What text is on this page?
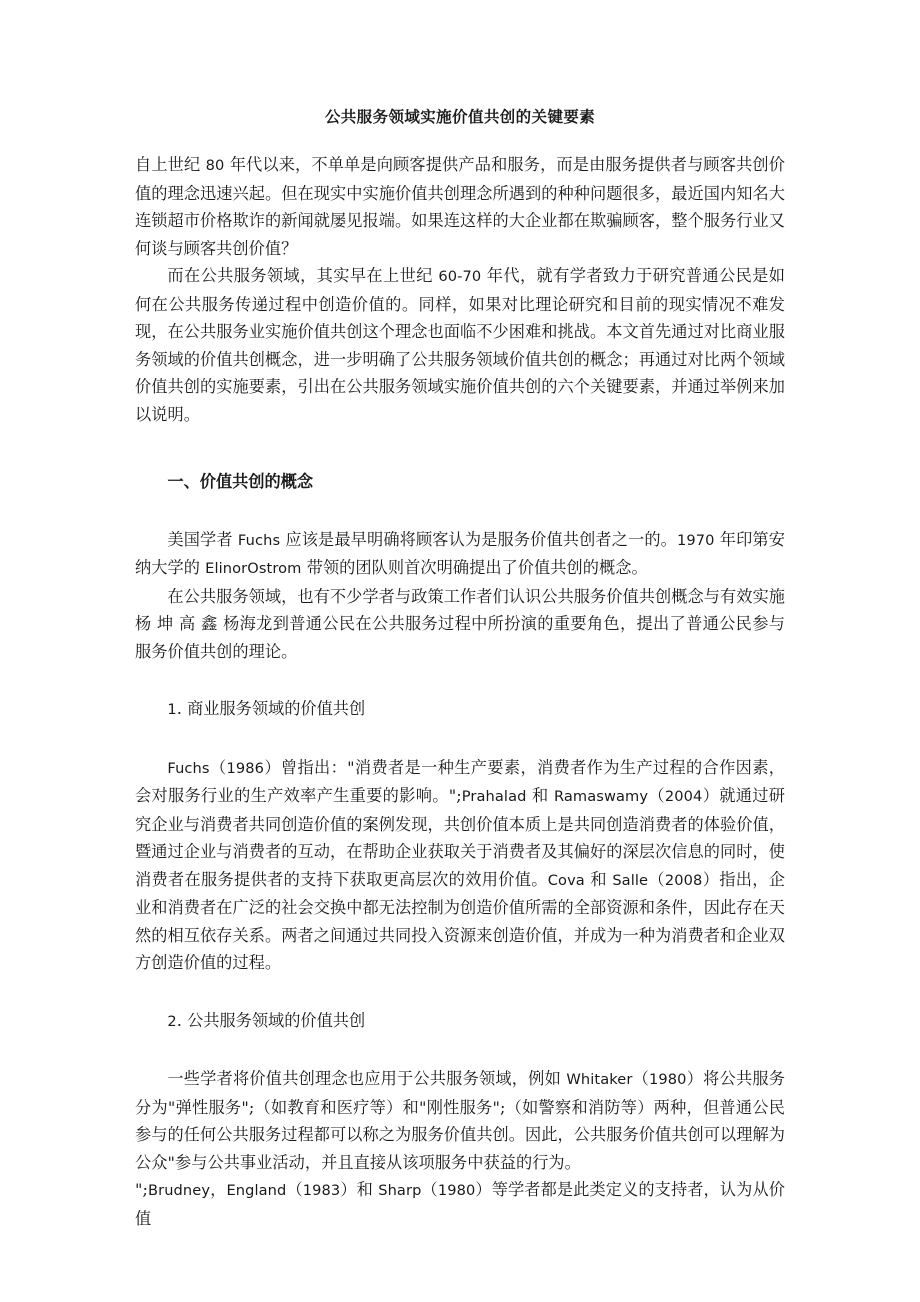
公共服务领域实施价值共创的关键要素

自上世纪 80 年代以来，不单单是向顾客提供产品和服务，而是由服务提供者与顾客共创价值的理念迅速兴起。但在现实中实施价值共创理念所遇到的种种问题很多，最近国内知名大连锁超市价格欺诈的新闻就屡见报端。如果连这样的大企业都在欺骗顾客，整个服务行业又何谈与顾客共创价值？

而在公共服务领域，其实早在上世纪 60-70 年代，就有学者致力于研究普通公民是如何在公共服务传递过程中创造价值的。同样，如果对比理论研究和目前的现实情况不难发现，在公共服务业实施价值共创这个理念也面临不少困难和挑战。本文首先通过对比商业服务领域的价值共创概念，进一步明确了公共服务领域价值共创的概念；再通过对比两个领域价值共创的实施要素，引出在公共服务领域实施价值共创的六个关键要素，并通过举例来加以说明。

一、价值共创的概念

美国学者 Fuchs 应该是最早明确将顾客认为是服务价值共创者之一的。1970 年印第安纳大学的 ElinorOstrom 带领的团队则首次明确提出了价值共创的概念。

在公共服务领域，也有不少学者与政策工作者们认识公共服务价值共创概念与有效实施杨 坤 高 鑫 杨海龙到普通公民在公共服务过程中所扮演的重要角色，提出了普通公民参与服务价值共创的理论。

1. 商业服务领域的价值共创

Fuchs（1986）曾指出："消费者是一种生产要素，消费者作为生产过程的合作因素，会对服务行业的生产效率产生重要的影响。";Prahalad 和 Ramaswamy（2004）就通过研究企业与消费者共同创造价值的案例发现，共创价值本质上是共同创造消费者的体验价值，暨通过企业与消费者的互动，在帮助企业获取关于消费者及其偏好的深层次信息的同时，使消费者在服务提供者的支持下获取更高层次的效用价值。Cova 和 Salle（2008）指出，企业和消费者在广泛的社会交换中都无法控制为创造价值所需的全部资源和条件，因此存在天然的相互依存关系。两者之间通过共同投入资源来创造价值，并成为一种为消费者和企业双方创造价值的过程。

2. 公共服务领域的价值共创

一些学者将价值共创理念也应用于公共服务领域，例如 Whitaker（1980）将公共服务分为"弹性服务";（如教育和医疗等）和"刚性服务";（如警察和消防等）两种，但普通公民参与的任何公共服务过程都可以称之为服务价值共创。因此，公共服务价值共创可以理解为公众"参与公共事业活动，并且直接从该项服务中获益的行为。

";Brudney，England（1983）和 Sharp（1980）等学者都是此类定义的支持者，认为从价值
